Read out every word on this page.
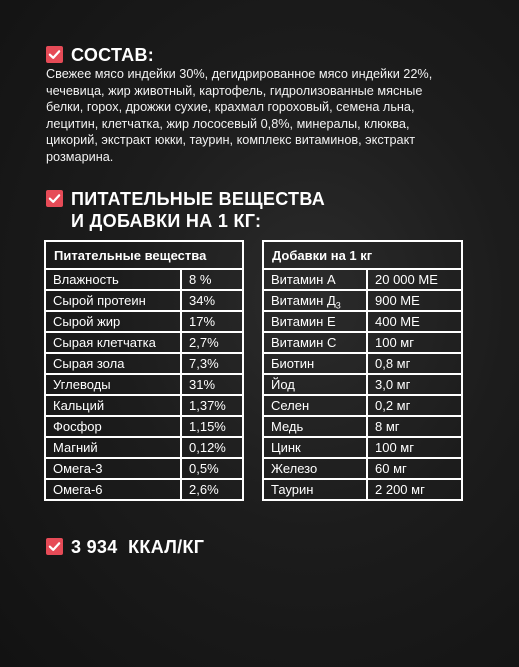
СОСТАВ:
Свежее мясо индейки 30%, дегидрированное мясо индейки 22%, чечевица, жир животный, картофель, гидролизованные мясные белки, горох, дрожжи сухие, крахмал гороховый, семена льна, лецитин, клетчатка, жир лососевый 0,8%, минералы, клюква, цикорий, экстракт юкки, таурин, комплекс витаминов, экстракт розмарина.
ПИТАТЕЛЬНЫЕ ВЕЩЕСТВА
И ДОБАВКИ НА 1 КГ:
Питательные вещества	
Влажность	8 %
Сырой протеин	34%
Сырой жир	17%
Сырая клетчатка	2,7%
Сырая зола	7,3%
Углеводы	31%
Кальций	1,37%
Фосфор	1,15%
Магний	0,12%
Омега-3	0,5%
Омега-6	2,6%
Добавки на 1 кг	
Витамин А	20 000 МЕ
Витамин $Д_3$	900 МЕ
Витамин Е	400 МЕ
Витамин С	100 мг
Биотин	0,8 мг
Йод	3,0 мг
Селен	0,2 мг
Медь	8 мг
Цинк	100 мг
Железо	60 мг
Таурин	2 200 мг
3 934  ККАЛ/КГ
